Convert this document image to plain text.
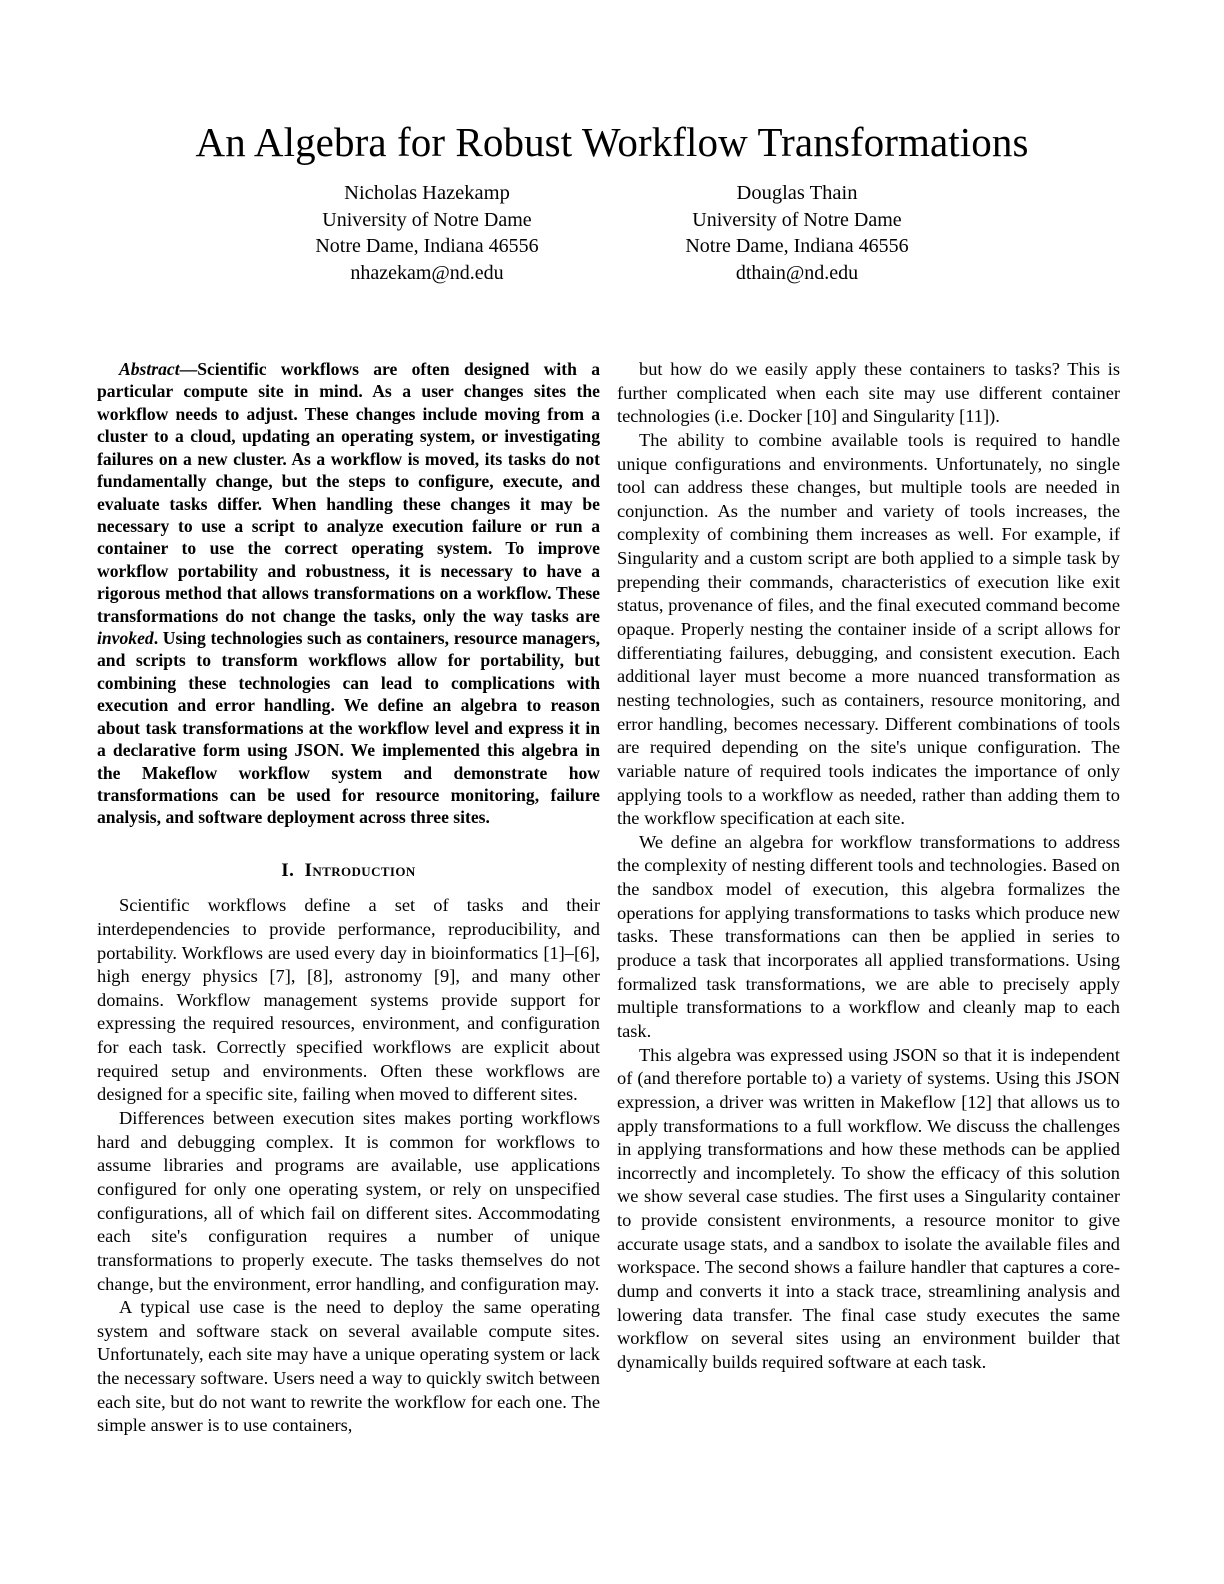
An Algebra for Robust Workflow Transformations
Nicholas Hazekamp
University of Notre Dame
Notre Dame, Indiana 46556
nhazekam@nd.edu
Douglas Thain
University of Notre Dame
Notre Dame, Indiana 46556
dthain@nd.edu

Abstract—Scientific workflows are often designed with a particular compute site in mind. As a user changes sites the workflow needs to adjust. These changes include moving from a cluster to a cloud, updating an operating system, or investigating failures on a new cluster. As a workflow is moved, its tasks do not fundamentally change, but the steps to configure, execute, and evaluate tasks differ. When handling these changes it may be necessary to use a script to analyze execution failure or run a container to use the correct operating system. To improve workflow portability and robustness, it is necessary to have a rigorous method that allows transformations on a workflow. These transformations do not change the tasks, only the way tasks are invoked. Using technologies such as containers, resource managers, and scripts to transform workflows allow for portability, but combining these technologies can lead to complications with execution and error handling. We define an algebra to reason about task transformations at the workflow level and express it in a declarative form using JSON. We implemented this algebra in the Makeflow workflow system and demonstrate how transformations can be used for resource monitoring, failure analysis, and software deployment across three sites.

I. Introduction

Scientific workflows define a set of tasks and their interdependencies to provide performance, reproducibility, and portability. Workflows are used every day in bioinformatics [1]–[6], high energy physics [7], [8], astronomy [9], and many other domains. Workflow management systems provide support for expressing the required resources, environment, and configuration for each task. Correctly specified workflows are explicit about required setup and environments. Often these workflows are designed for a specific site, failing when moved to different sites.

Differences between execution sites makes porting workflows hard and debugging complex. It is common for workflows to assume libraries and programs are available, use applications configured for only one operating system, or rely on unspecified configurations, all of which fail on different sites. Accommodating each site's configuration requires a number of unique transformations to properly execute. The tasks themselves do not change, but the environment, error handling, and configuration may.

A typical use case is the need to deploy the same operating system and software stack on several available compute sites. Unfortunately, each site may have a unique operating system or lack the necessary software. Users need a way to quickly switch between each site, but do not want to rewrite the workflow for each one. The simple answer is to use containers,

but how do we easily apply these containers to tasks? This is further complicated when each site may use different container technologies (i.e. Docker [10] and Singularity [11]).

The ability to combine available tools is required to handle unique configurations and environments. Unfortunately, no single tool can address these changes, but multiple tools are needed in conjunction. As the number and variety of tools increases, the complexity of combining them increases as well. For example, if Singularity and a custom script are both applied to a simple task by prepending their commands, characteristics of execution like exit status, provenance of files, and the final executed command become opaque. Properly nesting the container inside of a script allows for differentiating failures, debugging, and consistent execution. Each additional layer must become a more nuanced transformation as nesting technologies, such as containers, resource monitoring, and error handling, becomes necessary. Different combinations of tools are required depending on the site's unique configuration. The variable nature of required tools indicates the importance of only applying tools to a workflow as needed, rather than adding them to the workflow specification at each site.

We define an algebra for workflow transformations to address the complexity of nesting different tools and technologies. Based on the sandbox model of execution, this algebra formalizes the operations for applying transformations to tasks which produce new tasks. These transformations can then be applied in series to produce a task that incorporates all applied transformations. Using formalized task transformations, we are able to precisely apply multiple transformations to a workflow and cleanly map to each task.

This algebra was expressed using JSON so that it is independent of (and therefore portable to) a variety of systems. Using this JSON expression, a driver was written in Makeflow [12] that allows us to apply transformations to a full workflow. We discuss the challenges in applying transformations and how these methods can be applied incorrectly and incompletely. To show the efficacy of this solution we show several case studies. The first uses a Singularity container to provide consistent environments, a resource monitor to give accurate usage stats, and a sandbox to isolate the available files and workspace. The second shows a failure handler that captures a core-dump and converts it into a stack trace, streamlining analysis and lowering data transfer. The final case study executes the same workflow on several sites using an environment builder that dynamically builds required software at each task.
